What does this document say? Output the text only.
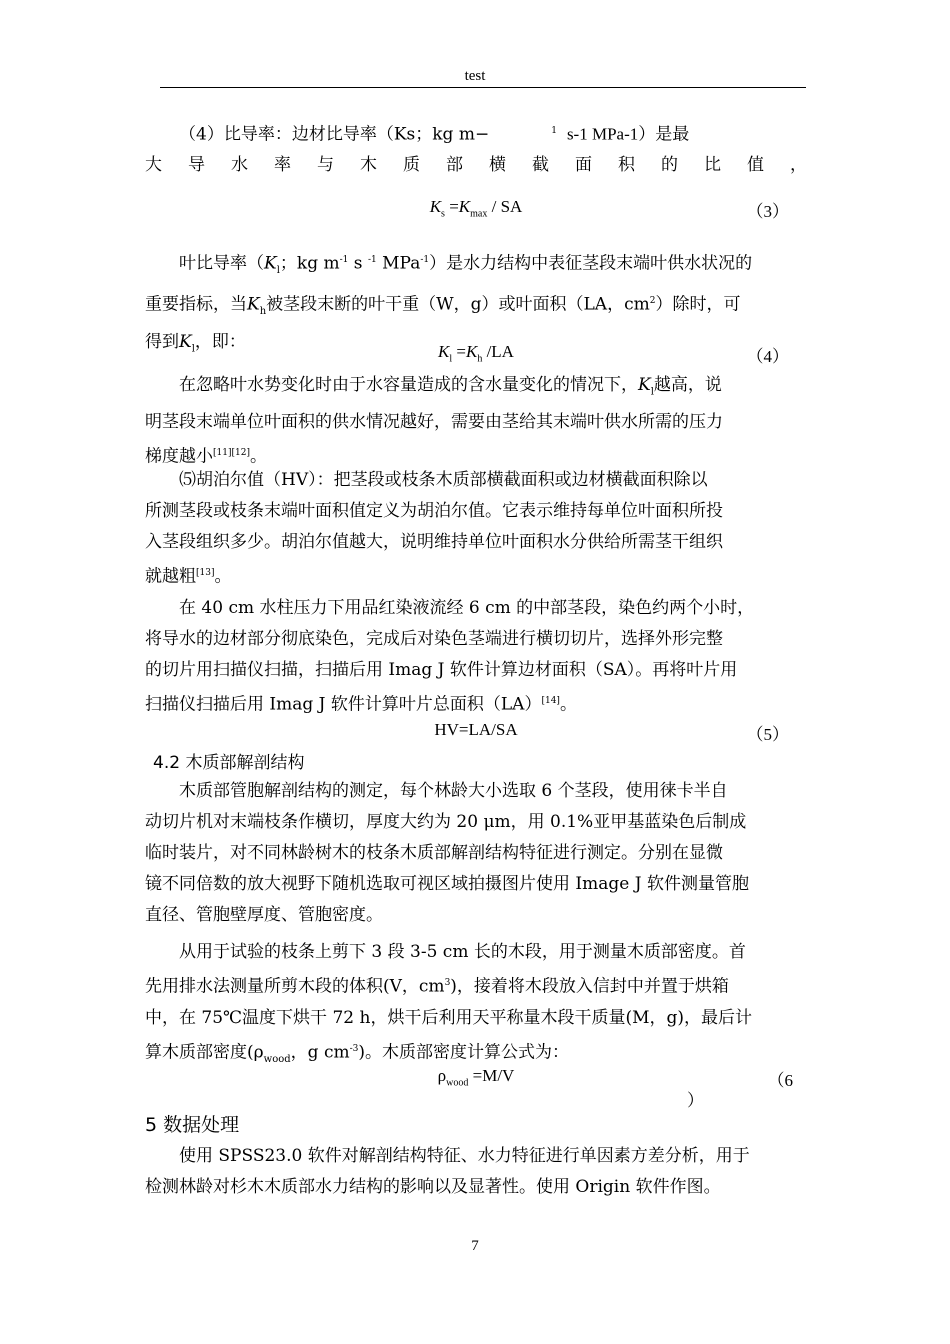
test
（4）比导率：边材比导率（Ks；kg m−	$^1$ s-1 MPa-1）是最
大 导 水 率 与 木 质 部 横 截 面 积 的 比 值 ，
$K_s =K_{max}$ / SA	（3）
叶比导率（$K_l$；kg $m^{-1}$ s $^{-1}$ MPa$^{-1}$）是水力结构中表征茎段末端叶供水状况的
重要指标，当$K_h$被茎段末断的叶干重（W，g）或叶面积（LA，$cm^2$）除时，可
得到$K_l$，即：	$K_l =K_h$ /LA	（4）
在忽略叶水势变化时由于水容量造成的含水量变化的情况下，$K_l$越高，说
明茎段末端单位叶面积的供水情况越好，需要由茎给其末端叶供水所需的压力
梯度越小[11][12]。
⑸胡泊尔值（HV）：把茎段或枝条木质部横截面积或边材横截面积除以
所测茎段或枝条末端叶面积值定义为胡泊尔值。它表示维持每单位叶面积所投
入茎段组织多少。胡泊尔值越大，说明维持单位叶面积水分供给所需茎干组织
就越粗[13]。
在 40 cm 水柱压力下用品红染液流经 6 cm 的中部茎段，染色约两个小时，
将导水的边材部分彻底染色，完成后对染色茎端进行横切切片，选择外形完整
的切片用扫描仪扫描，扫描后用 Imag J 软件计算边材面积（SA）。再将叶片用
扫描仪扫描后用 Imag J 软件计算叶片总面积（LA）[14]。
HV=LA/SA	（5）
4.2 木质部解剖结构
木质部管胞解剖结构的测定，每个林龄大小选取 6 个茎段，使用徕卡半自
动切片机对末端枝条作横切，厚度大约为 20 μm，用 0.1%亚甲基蓝染色后制成
临时装片，对不同林龄树木的枝条木质部解剖结构特征进行测定。分别在显微
镜不同倍数的放大视野下随机选取可视区域拍摄图片使用 Image J 软件测量管胞
直径、管胞壁厚度、管胞密度。
从用于试验的枝条上剪下 3 段 3-5 cm 长的木段，用于测量木质部密度。首
先用排水法测量所剪木段的体积(V，$cm^3$)，接着将木段放入信封中并置于烘箱
中，在 75℃温度下烘干 72 h，烘干后利用天平称量木段干质量(M，g)，最后计
算木质部密度($\rho_{wood}$，g $cm^{-3}$)。木质部密度计算公式为：
$\rho_{wood} =M/V$	（6
）
5 数据处理
使用 SPSS23.0 软件对解剖结构特征、水力特征进行单因素方差分析，用于
检测林龄对杉木木质部水力结构的影响以及显著性。使用 Origin 软件作图。
7
